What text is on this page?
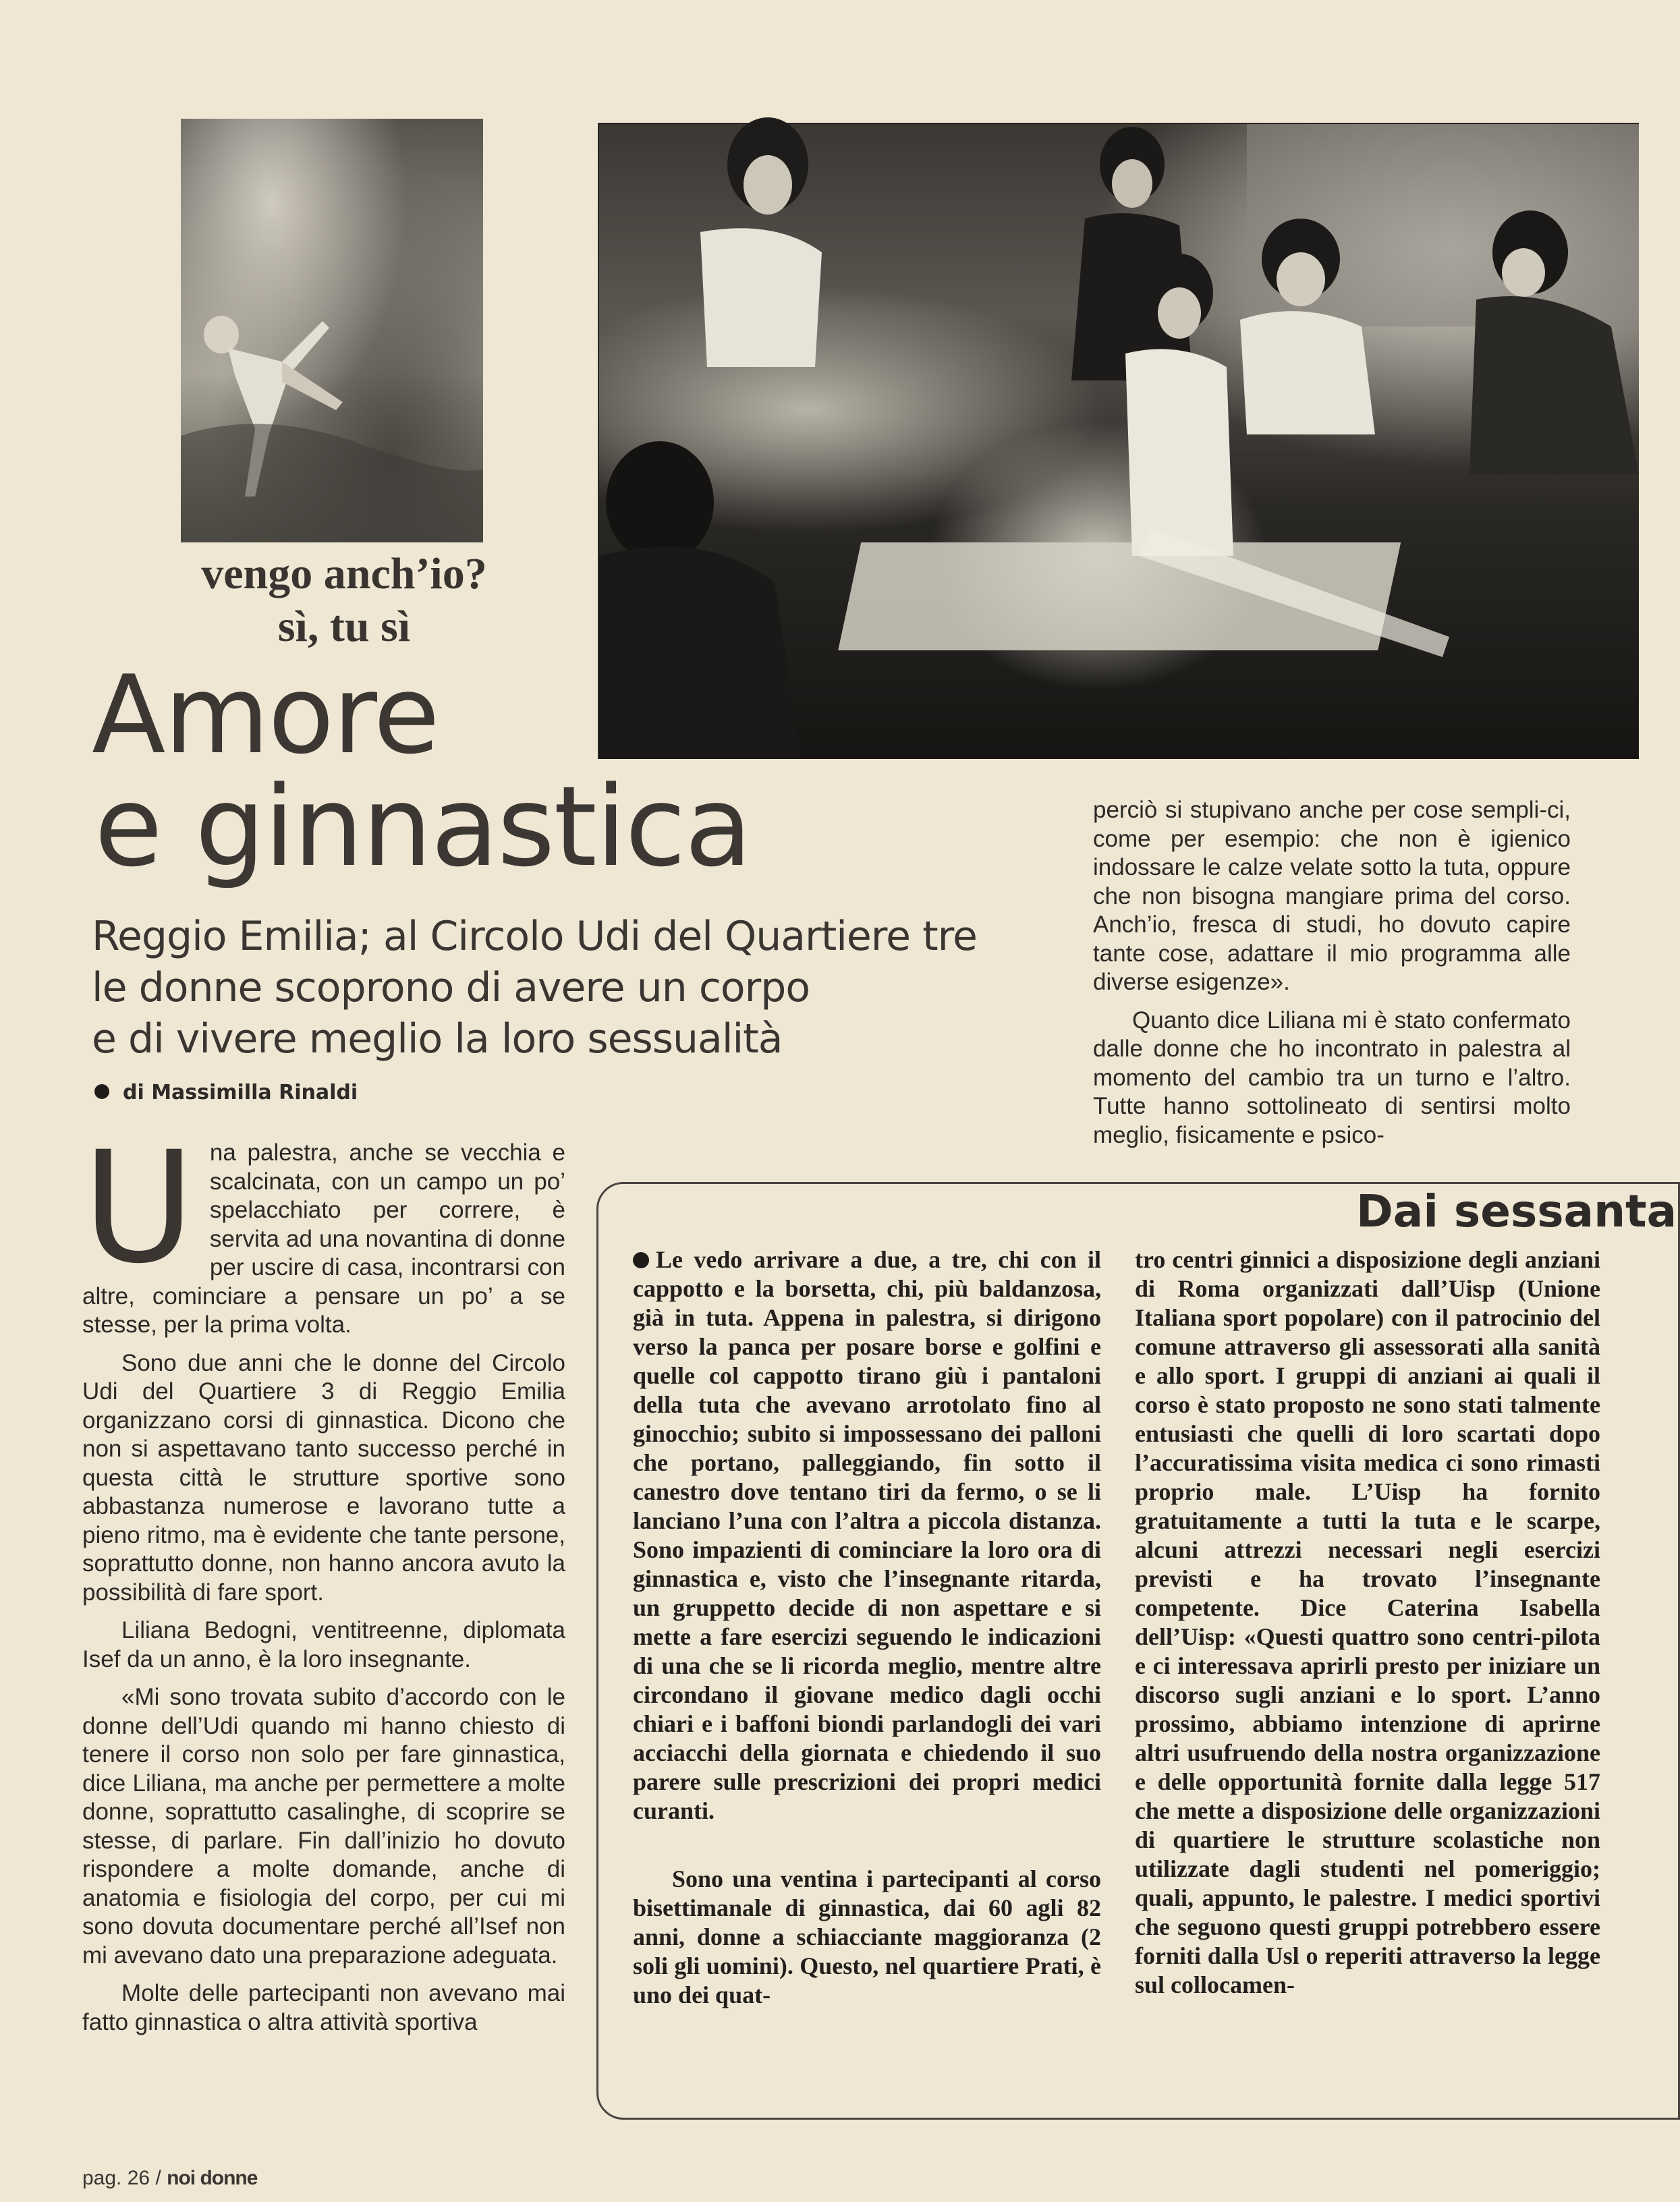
vengo anch’io?
sì, tu sì
Amore
e ginnastica
Reggio Emilia; al Circolo Udi del Quartiere tre
le donne scoprono di avere un corpo
e di vivere meglio la loro sessualità
di Massimilla Rinaldi

Una palestra, anche se vecchia e scalcinata, con un campo un po’ spelacchiato per correre, è servita ad una novantina di donne per uscire di casa, incontrarsi con altre, cominciare a pensare un po’ a se stesse, per la prima volta.

Sono due anni che le donne del Circolo Udi del Quartiere 3 di Reggio Emilia organizzano corsi di ginnastica. Dicono che non si aspettavano tanto successo perché in questa città le strutture sportive sono abbastanza numerose e lavorano tutte a pieno ritmo, ma è evidente che tante persone, soprattutto donne, non hanno ancora avuto la possibilità di fare sport.

Liliana Bedogni, ventitreenne, diplomata Isef da un anno, è la loro insegnante.

«Mi sono trovata subito d’accordo con le donne dell’Udi quando mi hanno chiesto di tenere il corso non solo per fare ginnastica, dice Liliana, ma anche per permettere a molte donne, soprattutto casalinghe, di scoprire se stesse, di parlare. Fin dall’inizio ho dovuto rispondere a molte domande, anche di anatomia e fisiologia del corpo, per cui mi sono dovuta documentare perché all’Isef non mi avevano dato una preparazione adeguata.

Molte delle partecipanti non avevano mai fatto ginnastica o altra attività sportiva

perciò si stupivano anche per cose sempli-ci, come per esempio: che non è igienico indossare le calze velate sotto la tuta, oppure che non bisogna mangiare prima del corso. Anch’io, fresca di studi, ho dovuto capire tante cose, adattare il mio programma alle diverse esigenze».

Quanto dice Liliana mi è stato confermato dalle donne che ho incontrato in palestra al momento del cambio tra un turno e l’altro. Tutte hanno sottolineato di sentirsi molto meglio, fisicamente e psico-

Dai sessanta

Le vedo arrivare a due, a tre, chi con il cappotto e la borsetta, chi, più baldanzosa, già in tuta. Appena in palestra, si dirigono verso la panca per posare borse e golfini e quelle col cappotto tirano giù i pantaloni della tuta che avevano arrotolato fino al ginocchio; subito si impossessano dei palloni che portano, palleggiando, fin sotto il canestro dove tentano tiri da fermo, o se li lanciano l’una con l’altra a piccola distanza. Sono impazienti di cominciare la loro ora di ginnastica e, visto che l’insegnante ritarda, un gruppetto decide di non aspettare e si mette a fare esercizi seguendo le indicazioni di una che se li ricorda meglio, mentre altre circondano il giovane medico dagli occhi chiari e i baffoni biondi parlandogli dei vari acciacchi della giornata e chiedendo il suo parere sulle prescrizioni dei propri medici curanti.

Sono una ventina i partecipanti al corso bisettimanale di ginnastica, dai 60 agli 82 anni, donne a schiacciante maggioranza (2 soli gli uomini). Questo, nel quartiere Prati, è uno dei quat-

tro centri ginnici a disposizione degli anziani di Roma organizzati dall’Uisp (Unione Italiana sport popolare) con il patrocinio del comune attraverso gli assessorati alla sanità e allo sport. I gruppi di anziani ai quali il corso è stato proposto ne sono stati talmente entusiasti che quelli di loro scartati dopo l’accuratissima visita medica ci sono rimasti proprio male. L’Uisp ha fornito gratuitamente a tutti la tuta e le scarpe, alcuni attrezzi necessari negli esercizi previsti e ha trovato l’insegnante competente. Dice Caterina Isabella dell’Uisp: «Questi quattro sono centri-pilota e ci interessava aprirli presto per iniziare un discorso sugli anziani e lo sport. L’anno prossimo, abbiamo intenzione di aprirne altri usufruendo della nostra organizzazione e delle opportunità fornite dalla legge 517 che mette a disposizione delle organizzazioni di quartiere le strutture scolastiche non utilizzate dagli studenti nel pomeriggio; quali, appunto, le palestre. I medici sportivi che seguono questi gruppi potrebbero essere forniti dalla Usl o reperiti attraverso la legge sul collocamen-

pag. 26 / noi donne
